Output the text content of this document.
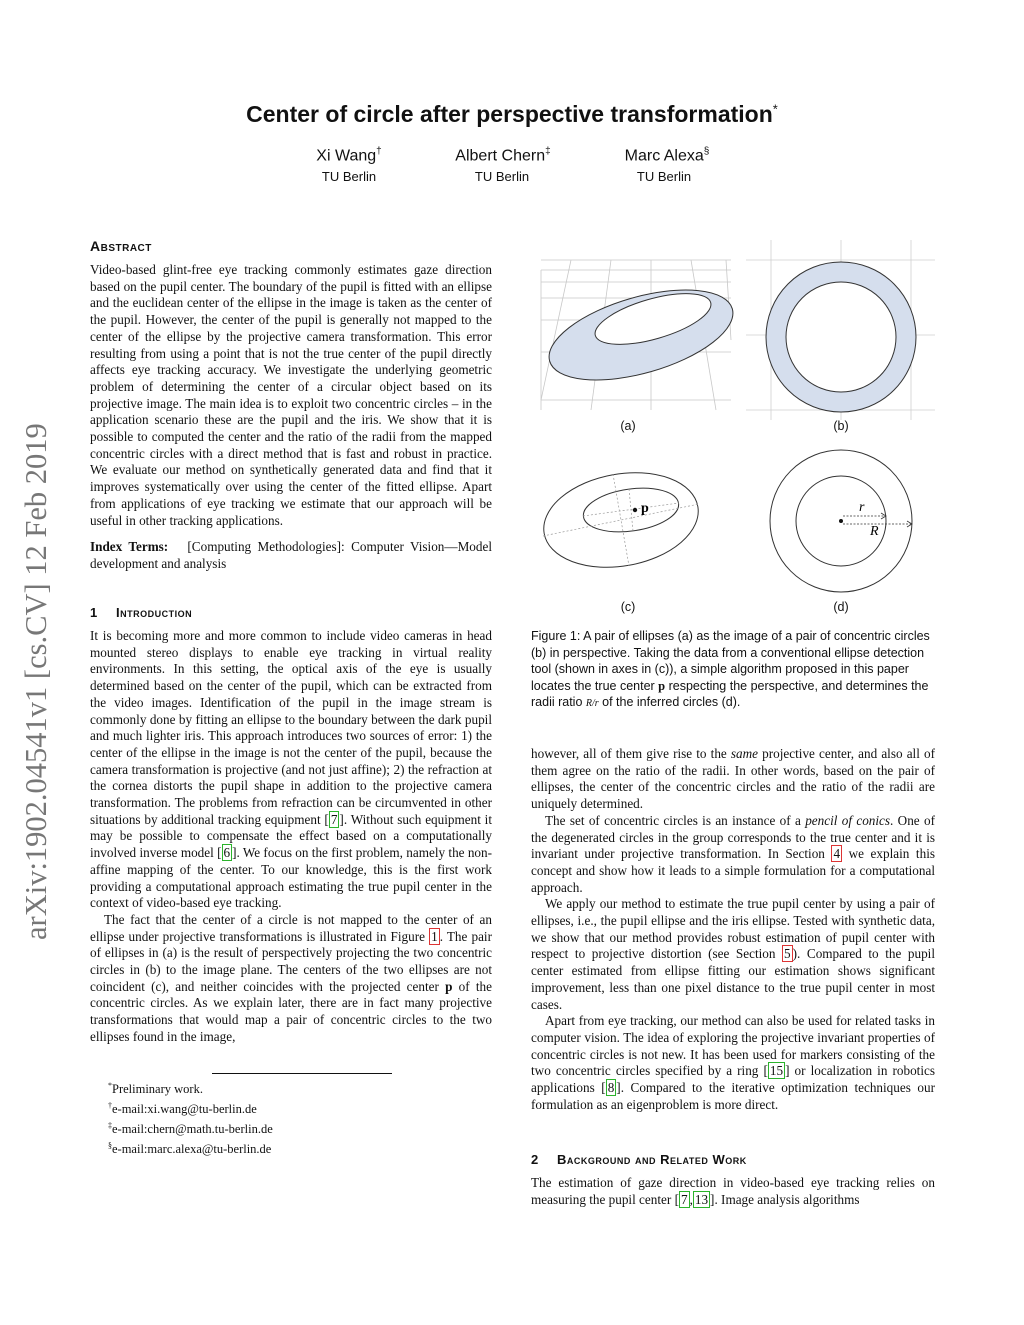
arXiv:1902.04541v1 [cs.CV] 12 Feb 2019
Center of circle after perspective transformation*
Xi Wang†	Albert Chern‡	Marc Alexa§
TU Berlin	TU Berlin	TU Berlin
Abstract

Video-based glint-free eye tracking commonly estimates gaze direction based on the pupil center. The boundary of the pupil is fitted with an ellipse and the euclidean center of the ellipse in the image is taken as the center of the pupil. However, the center of the pupil is generally not mapped to the center of the ellipse by the projective camera transformation. This error resulting from using a point that is not the true center of the pupil directly affects eye tracking accuracy. We investigate the underlying geometric problem of determining the center of a circular object based on its projective image. The main idea is to exploit two concentric circles – in the application scenario these are the pupil and the iris. We show that it is possible to computed the center and the ratio of the radii from the mapped concentric circles with a direct method that is fast and robust in practice. We evaluate our method on synthetically generated data and find that it improves systematically over using the center of the fitted ellipse. Apart from applications of eye tracking we estimate that our approach will be useful in other tracking applications.

Index Terms: [Computing Methodologies]: Computer Vision—Model development and analysis

1 Introduction

It is becoming more and more common to include video cameras in head mounted stereo displays to enable eye tracking in virtual reality environments. In this setting, the optical axis of the eye is usually determined based on the center of the pupil, which can be extracted from the video images. Identification of the pupil in the image stream is commonly done by fitting an ellipse to the boundary between the dark pupil and much lighter iris. This approach introduces two sources of error: 1) the center of the ellipse in the image is not the center of the pupil, because the camera transformation is projective (and not just affine); 2) the refraction at the cornea distorts the pupil shape in addition to the projective camera transformation. The problems from refraction can be circumvented in other situations by additional tracking equipment [ 7 ]. Without such equipment it may be possible to compensate the effect based on a computationally involved inverse model [ 6 ]. We focus on the first problem, namely the non-affine mapping of the center. To our knowledge, this is the first work providing a computational approach estimating the true pupil center in the context of video-based eye tracking.

The fact that the center of a circle is not mapped to the center of an ellipse under projective transformations is illustrated in Figure 1 . The pair of ellipses in (a) is the result of perspectively projecting the two concentric circles in (b) to the image plane. The centers of the two ellipses are not coincident (c), and neither coincides with the projected center p of the concentric circles. As we explain later, there are in fact many projective transformations that would map a pair of concentric circles to the two ellipses found in the image,

*Preliminary work.
†e-mail:xi.wang@tu-berlin.de
‡e-mail:chern@math.tu-berlin.de
§e-mail:marc.alexa@tu-berlin.de
p	r
R
(a)	(b)
(c)	(d)
Figure 1: A pair of ellipses (a) as the image of a pair of concentric circles (b) in perspective. Taking the data from a conventional ellipse detection tool (shown in axes in (c)), a simple algorithm proposed in this paper locates the true center p respecting the perspective, and determines the radii ratio R/r of the inferred circles (d).

however, all of them give rise to the same projective center, and also all of them agree on the ratio of the radii. In other words, based on the pair of ellipses, the center of the concentric circles and the ratio of the radii are uniquely determined.

The set of concentric circles is an instance of a pencil of conics. One of the degenerated circles in the group corresponds to the true center and it is invariant under projective transformation. In Section 4 we explain this concept and show how it leads to a simple formulation for a computational approach.

We apply our method to estimate the true pupil center by using a pair of ellipses, i.e., the pupil ellipse and the iris ellipse. Tested with synthetic data, we show that our method provides robust estimation of pupil center with respect to projective distortion (see Section 5 ). Compared to the pupil center estimated from ellipse fitting our estimation shows significant improvement, less than one pixel distance to the true pupil center in most cases.

Apart from eye tracking, our method can also be used for related tasks in computer vision. The idea of exploring the projective invariant properties of concentric circles is not new. It has been used for markers consisting of the two concentric circles specified by a ring [ 15 ] or localization in robotics applications [ 8 ]. Compared to the iterative optimization techniques our formulation as an eigenproblem is more direct.

2 Background and Related Work

The estimation of gaze direction in video-based eye tracking relies on measuring the pupil center [ 7 , 13 ]. Image analysis algorithms
